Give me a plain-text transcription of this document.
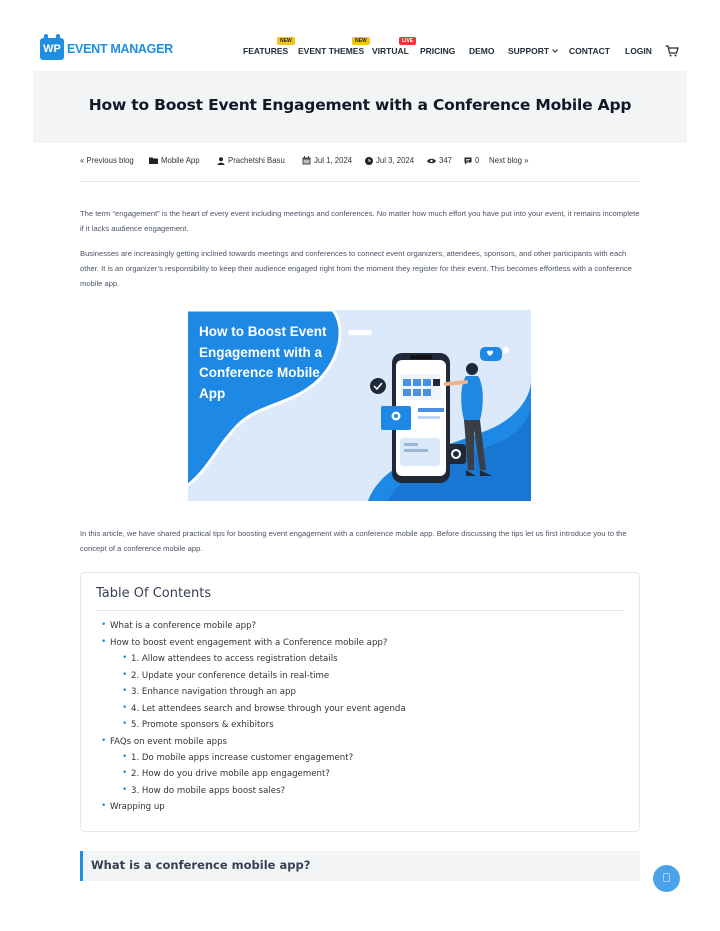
WP EVENT MANAGER
NEW
FEATURES
NEW
EVENT THEMES
LIVE
VIRTUAL PRICING DEMO SUPPORT	CONTACT LOGIN
How to Boost Event Engagement with a Conference Mobile App
« Previous blog	Mobile App	Prachetshi Basu	Jul 1, 2024	Jul 3, 2024	347	0 Next blog »

The term “engagement” is the heart of every event including meetings and conferences. No matter how much effort you have put into your event, it remains incomplete if it lacks audience engagement.

Businesses are increasingly getting inclined towards meetings and conferences to connect event organizers, attendees, sponsors, and other participants with each other. It is an organizer’s responsibility to keep their audience engaged right from the moment they register for their event. This becomes effortless with a conference mobile app.

How to Boost Event Engagement with a Conference Mobile App

In this article, we have shared practical tips for boosting event engagement with a conference mobile app. Before discussing the tips let us first introduce you to the concept of a conference mobile app.

Table Of Contents
• What is a conference mobile app?
• How to boost event engagement with a Conference mobile app?
• 1. Allow attendees to access registration details
• 2. Update your conference details in real-time
• 3. Enhance navigation through an app
• 4. Let attendees search and browse through your event agenda
• 5. Promote sponsors & exhibitors
• FAQs on event mobile apps
• 1. Do mobile apps increase customer engagement?
• 2. How do you drive mobile app engagement?
• 3. How do mobile apps boost sales?
• Wrapping up
What is a conference mobile app?
